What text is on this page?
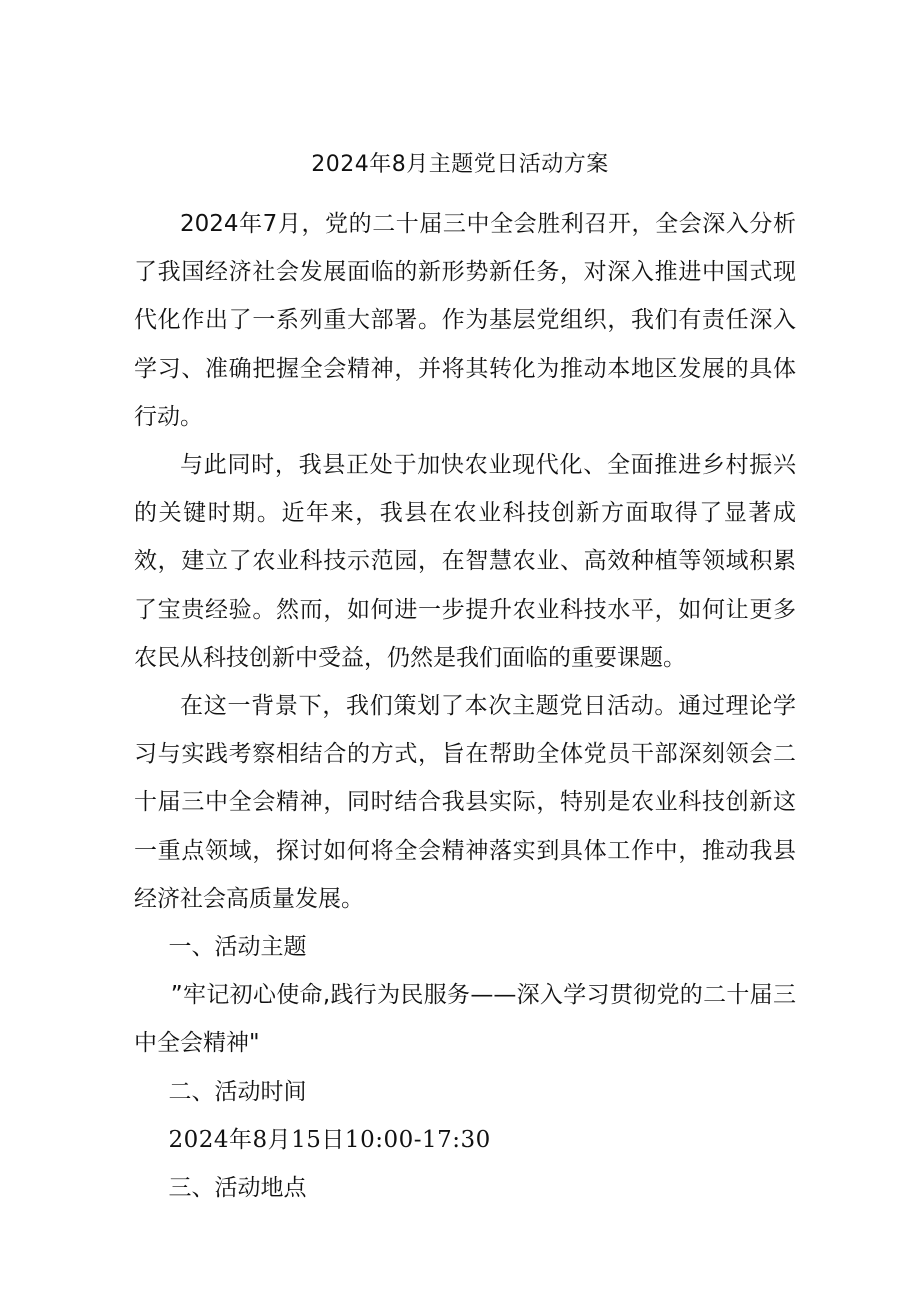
2024年8月主题党日活动方案

2024年7月，党的二十届三中全会胜利召开，全会深入分析了我国经济社会发展面临的新形势新任务，对深入推进中国式现代化作出了一系列重大部署。作为基层党组织，我们有责任深入学习、准确把握全会精神，并将其转化为推动本地区发展的具体行动。

与此同时，我县正处于加快农业现代化、全面推进乡村振兴的关键时期。近年来，我县在农业科技创新方面取得了显著成效，建立了农业科技示范园，在智慧农业、高效种植等领域积累了宝贵经验。然而，如何进一步提升农业科技水平，如何让更多农民从科技创新中受益，仍然是我们面临的重要课题。

在这一背景下，我们策划了本次主题党日活动。通过理论学习与实践考察相结合的方式，旨在帮助全体党员干部深刻领会二十届三中全会精神，同时结合我县实际，特别是农业科技创新这一重点领域，探讨如何将全会精神落实到具体工作中，推动我县经济社会高质量发展。

一、活动主题

”牢记初心使命,践行为民服务——深入学习贯彻党的二十届三中全会精神"

二、活动时间

2024年8月15日10:00-17:30

三、活动地点
